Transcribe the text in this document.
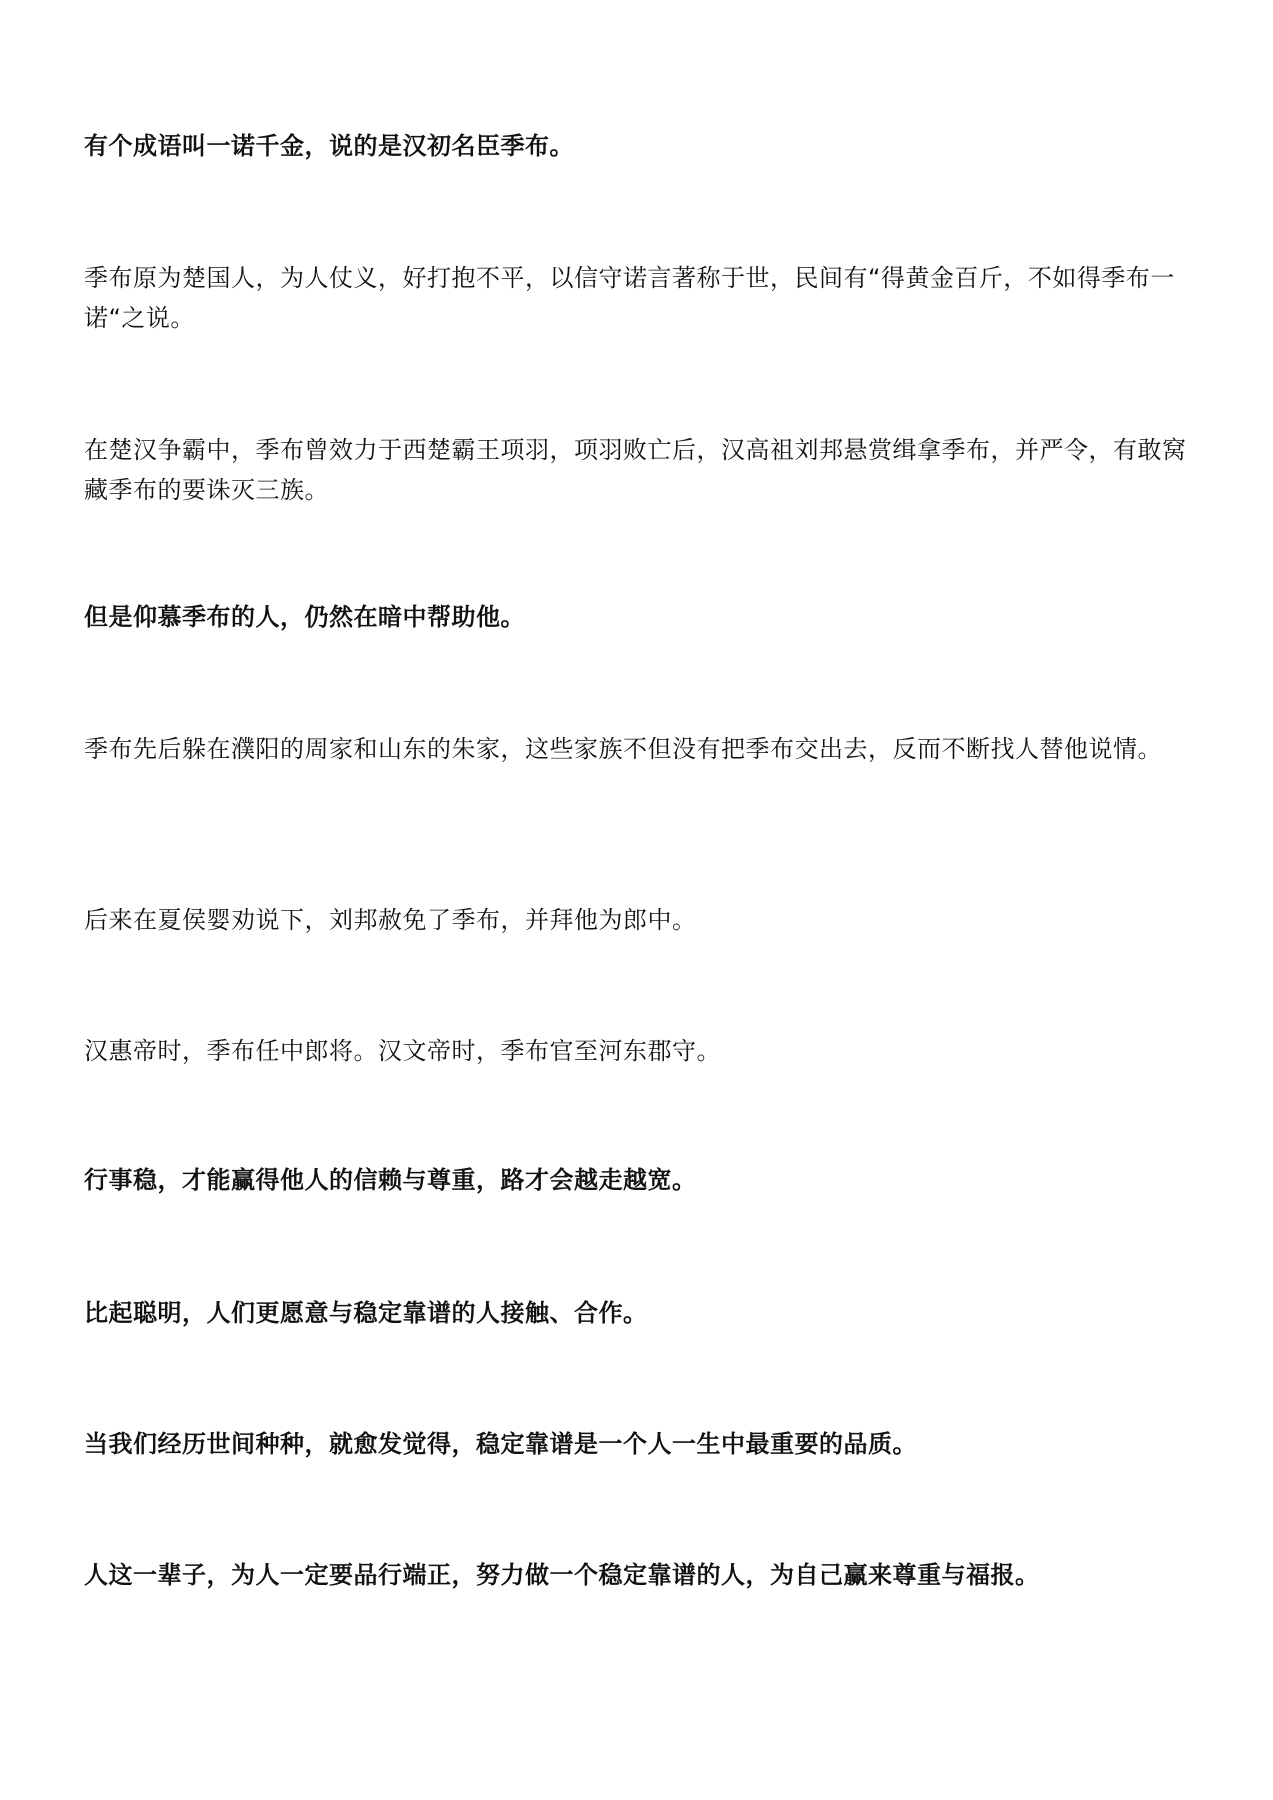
有个成语叫一诺千金，说的是汉初名臣季布。

季布原为楚国人，为人仗义，好打抱不平，以信守诺言著称于世，民间有“得黄金百斤，不如得季布一诺“之说。

在楚汉争霸中，季布曾效力于西楚霸王项羽，项羽败亡后，汉高祖刘邦悬赏缉拿季布，并严令，有敢窝藏季布的要诛灭三族。

但是仰慕季布的人，仍然在暗中帮助他。

季布先后躲在濮阳的周家和山东的朱家，这些家族不但没有把季布交出去，反而不断找人替他说情。

后来在夏侯婴劝说下，刘邦赦免了季布，并拜他为郎中。

汉惠帝时，季布任中郎将。汉文帝时，季布官至河东郡守。

行事稳，才能赢得他人的信赖与尊重，路才会越走越宽。

比起聪明，人们更愿意与稳定靠谱的人接触、合作。

当我们经历世间种种，就愈发觉得，稳定靠谱是一个人一生中最重要的品质。

人这一辈子，为人一定要品行端正，努力做一个稳定靠谱的人，为自己赢来尊重与福报。
